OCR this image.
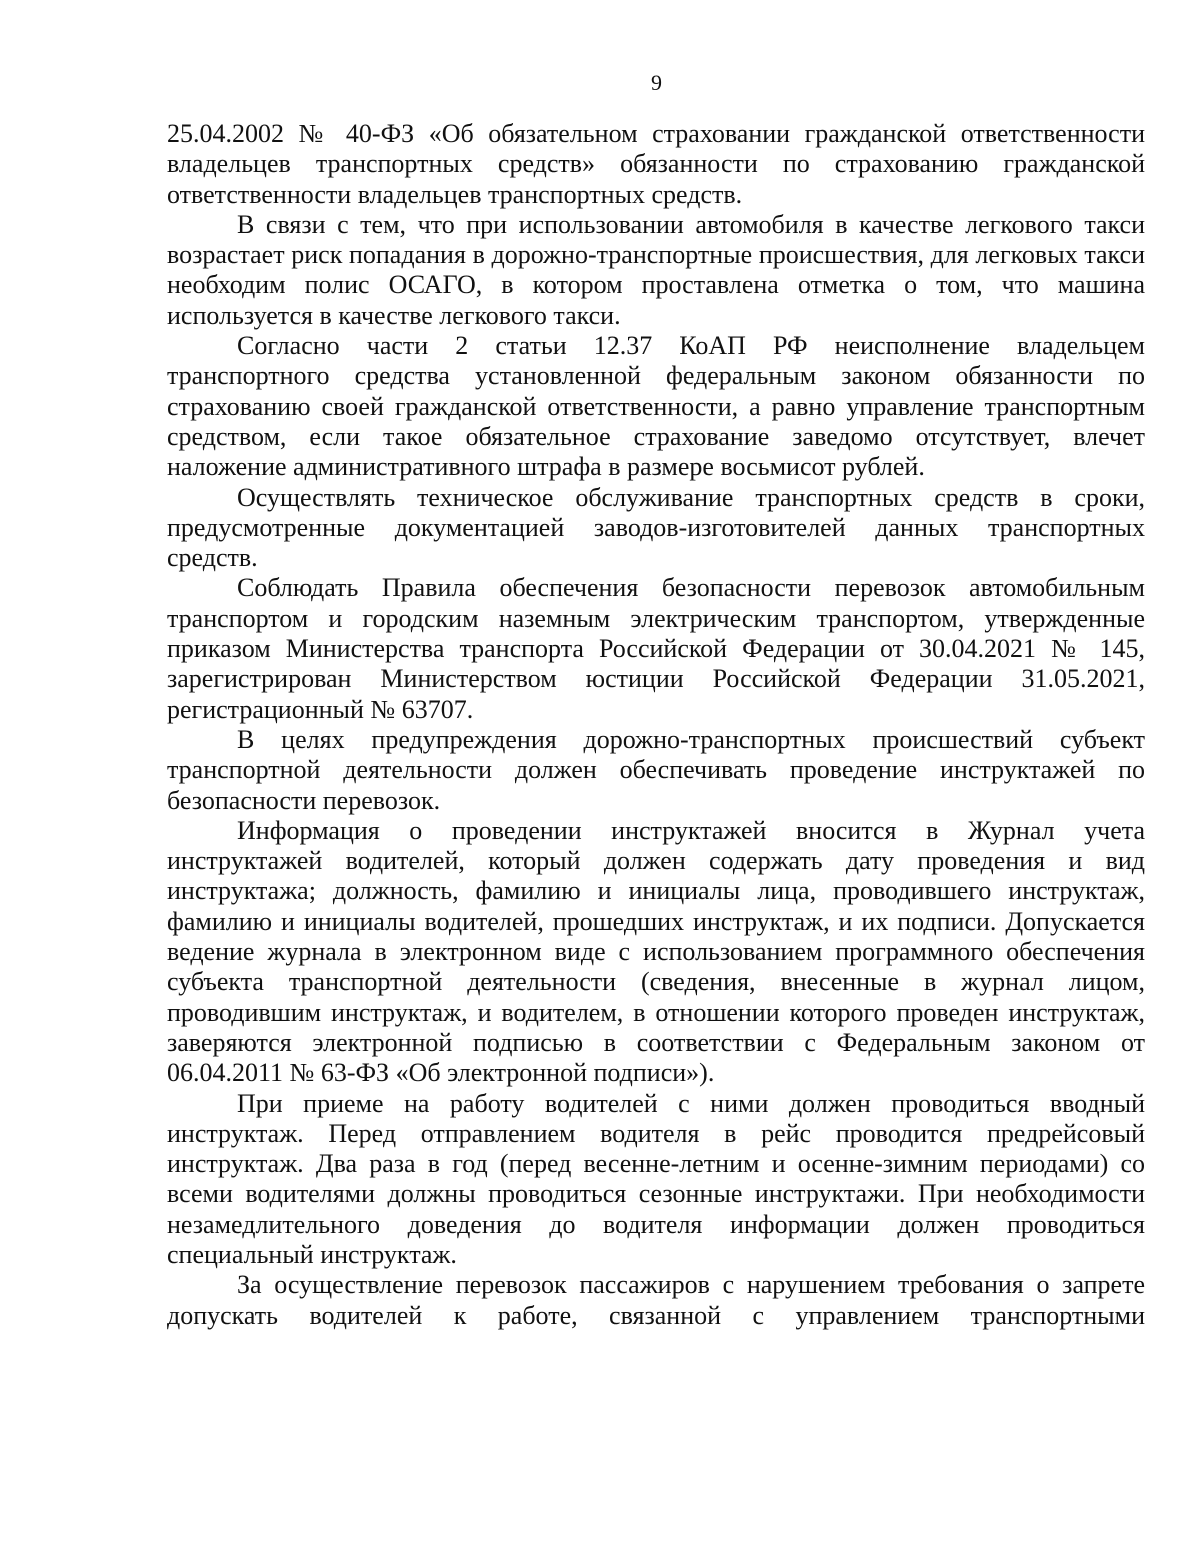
9

25.04.2002 № 40-ФЗ «Об обязательном страховании гражданской ответственности владельцев транспортных средств» обязанности по страхованию гражданской ответственности владельцев транспортных средств.

В связи с тем, что при использовании автомобиля в качестве легкового такси возрастает риск попадания в дорожно-транспортные происшествия, для легковых такси необходим полис ОСАГО, в котором проставлена отметка о том, что машина используется в качестве легкового такси.

Согласно части 2 статьи 12.37 КоАП РФ неисполнение владельцем транспортного средства установленной федеральным законом обязанности по страхованию своей гражданской ответственности, а равно управление транспортным средством, если такое обязательное страхование заведомо отсутствует, влечет наложение административного штрафа в размере восьмисот рублей.

Осуществлять техническое обслуживание транспортных средств в сроки, предусмотренные документацией заводов-изготовителей данных транспортных средств.

Соблюдать Правила обеспечения безопасности перевозок автомобильным транспортом и городским наземным электрическим транспортом, утвержденные приказом Министерства транспорта Российской Федерации от 30.04.2021 № 145, зарегистрирован Министерством юстиции Российской Федерации 31.05.2021, регистрационный № 63707.

В целях предупреждения дорожно-транспортных происшествий субъект транспортной деятельности должен обеспечивать проведение инструктажей по безопасности перевозок.

Информация о проведении инструктажей вносится в Журнал учета инструктажей водителей, который должен содержать дату проведения и вид инструктажа; должность, фамилию и инициалы лица, проводившего инструктаж, фамилию и инициалы водителей, прошедших инструктаж, и их подписи. Допускается ведение журнала в электронном виде с использованием программного обеспечения субъекта транспортной деятельности (сведения, внесенные в журнал лицом, проводившим инструктаж, и водителем, в отношении которого проведен инструктаж, заверяются электронной подписью в соответствии с Федеральным законом от 06.04.2011 № 63-ФЗ «Об электронной подписи»).

При приеме на работу водителей с ними должен проводиться вводный инструктаж. Перед отправлением водителя в рейс проводится предрейсовый инструктаж. Два раза в год (перед весенне-летним и осенне-зимним периодами) со всеми водителями должны проводиться сезонные инструктажи. При необходимости незамедлительного доведения до водителя информации должен проводиться специальный инструктаж.

За осуществление перевозок пассажиров с нарушением требования о запрете допускать водителей к работе, связанной с управлением транспортными
